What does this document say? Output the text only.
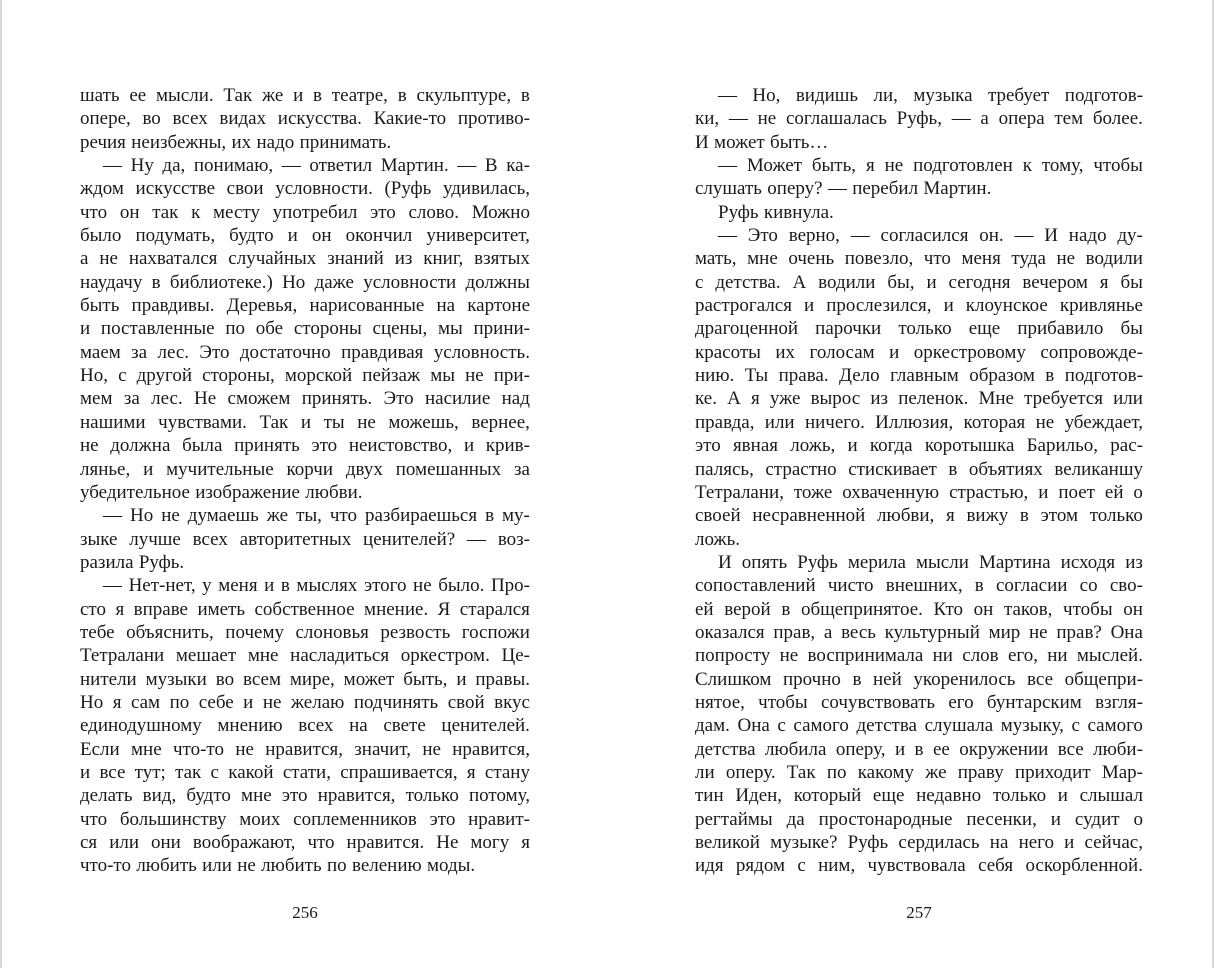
шать ее мысли. Так же и в театре, в скульптуре, в
опере, во всех видах искусства. Какие-то противо-
речия неизбежны, их надо принимать.
— Ну да, понимаю, — ответил Мартин. — В ка-
ждом искусстве свои условности. (Руфь удивилась,
что он так к месту употребил это слово. Можно
было подумать, будто и он окончил университет,
а не нахватался случайных знаний из книг, взятых
наудачу в библиотеке.) Но даже условности должны
быть правдивы. Деревья, нарисованные на картоне
и поставленные по обе стороны сцены, мы прини-
маем за лес. Это достаточно правдивая условность.
Но, с другой стороны, морской пейзаж мы не при-
мем за лес. Не сможем принять. Это насилие над
нашими чувствами. Так и ты не можешь, вернее,
не должна была принять это неистовство, и крив-
лянье, и мучительные корчи двух помешанных за
убедительное изображение любви.
— Но не думаешь же ты, что разбираешься в му-
зыке лучше всех авторитетных ценителей? — воз-
разила Руфь.
— Нет-нет, у меня и в мыслях этого не было. Про-
сто я вправе иметь собственное мнение. Я старался
тебе объяснить, почему слоновья резвость госпожи
Тетралани мешает мне насладиться оркестром. Це-
нители музыки во всем мире, может быть, и правы.
Но я сам по себе и не желаю подчинять свой вкус
единодушному мнению всех на свете ценителей.
Если мне что-то не нравится, значит, не нравится,
и все тут; так с какой стати, спрашивается, я стану
делать вид, будто мне это нравится, только потому,
что большинству моих соплеменников это нравит-
ся или они воображают, что нравится. Не могу я
что-то любить или не любить по велению моды.
— Но, видишь ли, музыка требует подготов-
ки, — не соглашалась Руфь, — а опера тем более.
И может быть…
— Может быть, я не подготовлен к тому, чтобы
слушать оперу? — перебил Мартин.
Руфь кивнула.
— Это верно, — согласился он. — И надо ду-
мать, мне очень повезло, что меня туда не водили
с детства. А водили бы, и сегодня вечером я бы
растрогался и прослезился, и клоунское кривлянье
драгоценной парочки только еще прибавило бы
красоты их голосам и оркестровому сопровожде-
нию. Ты права. Дело главным образом в подготов-
ке. А я уже вырос из пеленок. Мне требуется или
правда, или ничего. Иллюзия, которая не убеждает,
это явная ложь, и когда коротышка Барильо, рас-
палясь, страстно стискивает в объятиях великаншу
Тетралани, тоже охваченную страстью, и поет ей о
своей несравненной любви, я вижу в этом только
ложь.
И опять Руфь мерила мысли Мартина исходя из
сопоставлений чисто внешних, в согласии со сво-
ей верой в общепринятое. Кто он таков, чтобы он
оказался прав, а весь культурный мир не прав? Она
попросту не воспринимала ни слов его, ни мыслей.
Слишком прочно в ней укоренилось все общепри-
нятое, чтобы сочувствовать его бунтарским взгля-
дам. Она с самого детства слушала музыку, с самого
детства любила оперу, и в ее окружении все люби-
ли оперу. Так по какому же праву приходит Мар-
тин Иден, который еще недавно только и слышал
регтаймы да простонародные песенки, и судит о
великой музыке? Руфь сердилась на него и сейчас,
идя рядом с ним, чувствовала себя оскорбленной.
256	257
